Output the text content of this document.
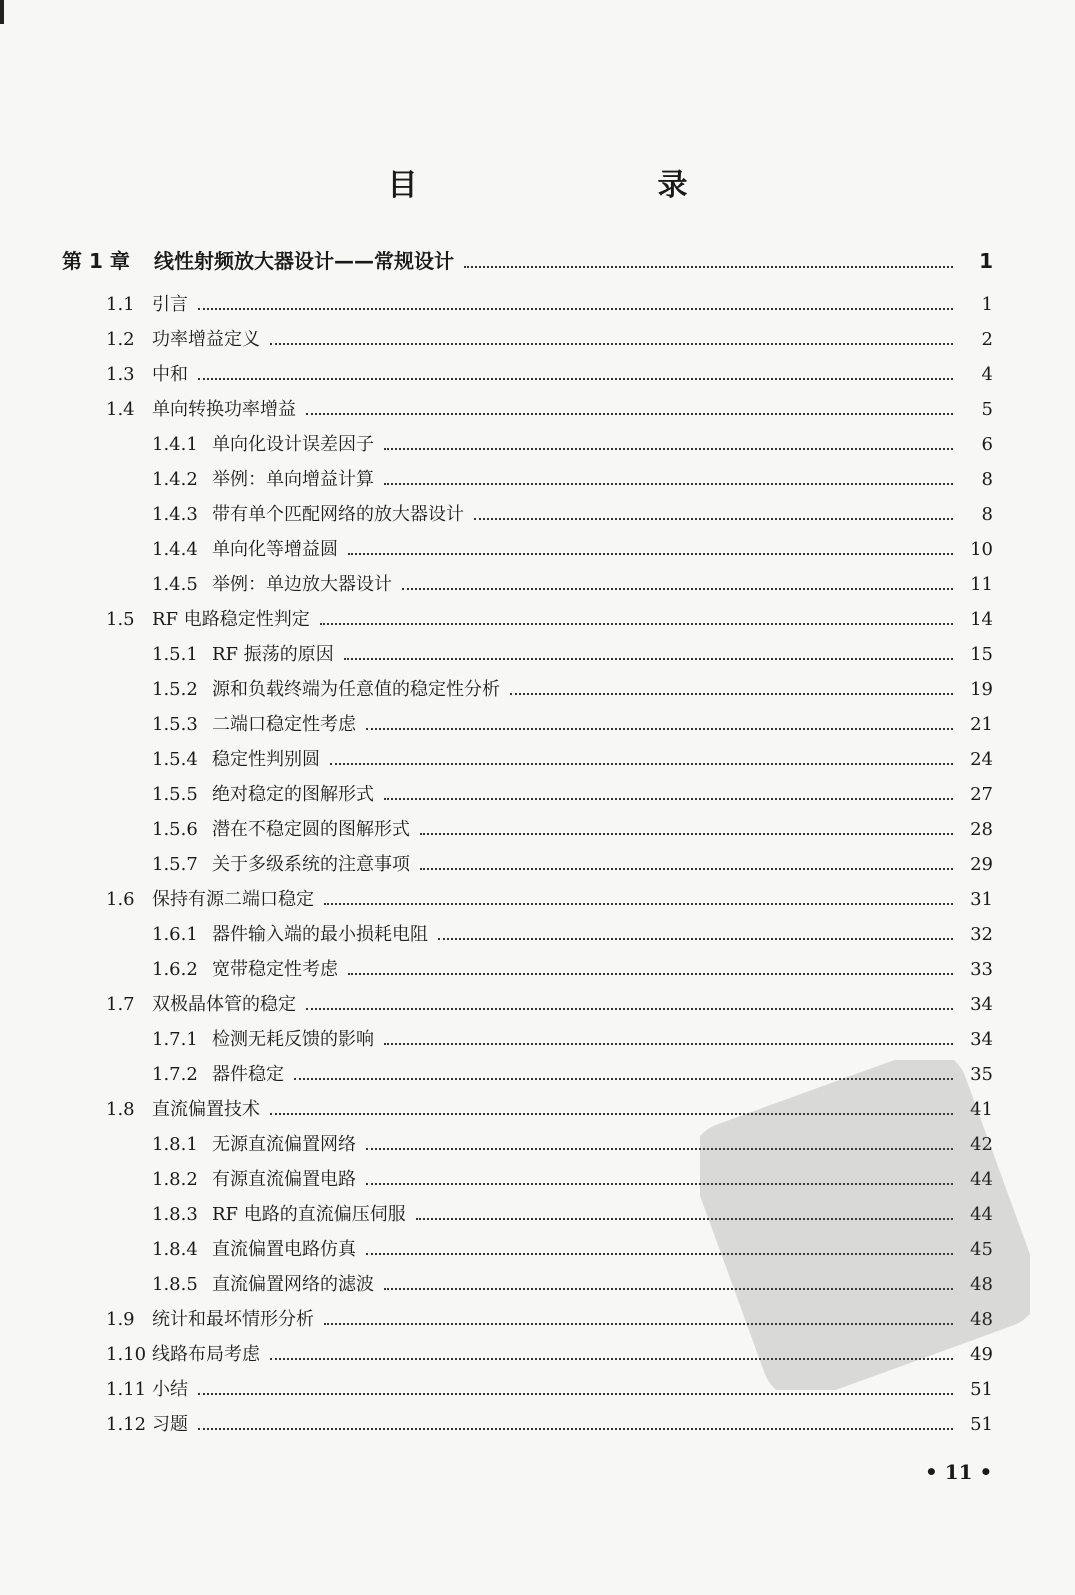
目　　录
第 1 章	线性射频放大器设计——常规设计	1
1.1 引言	1
1.2 功率增益定义	2
1.3 中和	4
1.4 单向转换功率增益	5
1.4.1 单向化设计误差因子	6
1.4.2 举例：单向增益计算	8
1.4.3 带有单个匹配网络的放大器设计	8
1.4.4 单向化等增益圆	10
1.4.5 举例：单边放大器设计	11
1.5 RF 电路稳定性判定	14
1.5.1 RF 振荡的原因	15
1.5.2 源和负载终端为任意值的稳定性分析	19
1.5.3 二端口稳定性考虑	21
1.5.4 稳定性判别圆	24
1.5.5 绝对稳定的图解形式	27
1.5.6 潜在不稳定圆的图解形式	28
1.5.7 关于多级系统的注意事项	29
1.6 保持有源二端口稳定	31
1.6.1 器件输入端的最小损耗电阻	32
1.6.2 宽带稳定性考虑	33
1.7 双极晶体管的稳定	34
1.7.1 检测无耗反馈的影响	34
1.7.2 器件稳定	35
1.8 直流偏置技术	41
1.8.1 无源直流偏置网络	42
1.8.2 有源直流偏置电路	44
1.8.3 RF 电路的直流偏压伺服	44
1.8.4 直流偏置电路仿真	45
1.8.5 直流偏置网络的滤波	48
1.9 统计和最坏情形分析	48
1.10 线路布局考虑	49
1.11 小结	51
1.12 习题	51
• 11 •
